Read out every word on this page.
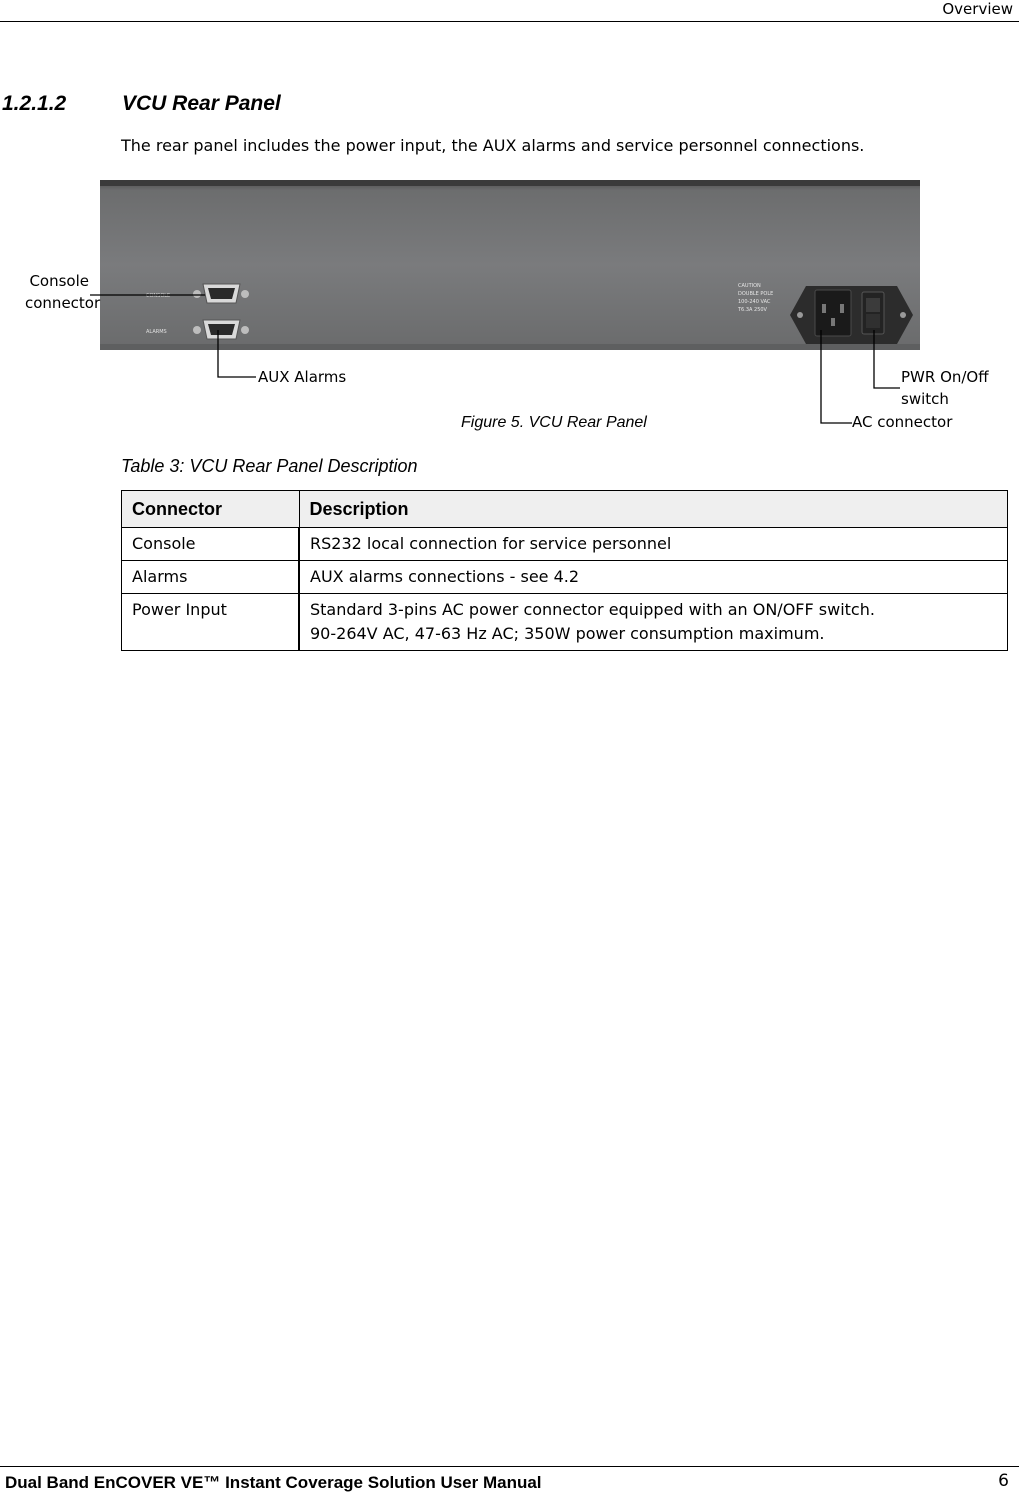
Overview
1.2.1.2	VCU Rear Panel
The rear panel includes the power input, the AUX alarms and service personnel connections.
CONSOLE
ALARMS
CAUTION
DOUBLE POLE
100-240 VAC
T6.3A 250V
Console
connector
AUX Alarms	PWR On/Off
switch
AC connector
Figure 5. VCU Rear Panel
Table 3: VCU Rear Panel Description
Connector	Description
Console	RS232 local connection for service personnel

Alarms	AUX alarms connections - see 4.2

Power Input	Standard 3-pins AC power connector equipped with an ON/OFF switch.
90-264V AC, 47-63 Hz AC; 350W power consumption maximum.
Dual Band EnCOVER VE™ Instant Coverage Solution User Manual	6
